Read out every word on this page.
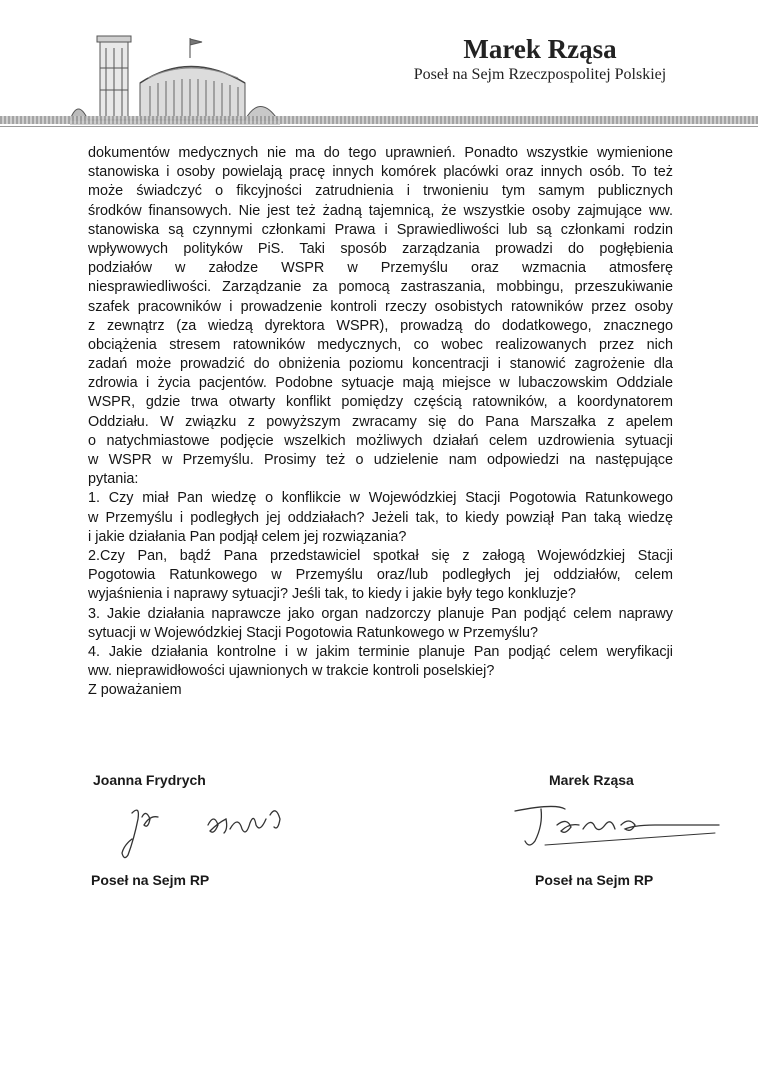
Marek Rząsa
Poseł na Sejm Rzeczpospolitej Polskiej
dokumentów medycznych nie ma do tego uprawnień. Ponadto wszystkie wymienione
stanowiska i osoby powielają pracę innych komórek placówki oraz innych osób. To też
może świadczyć o fikcyjności zatrudnienia i trwonieniu tym samym publicznych
środków finansowych. Nie jest też żadną tajemnicą, że wszystkie osoby zajmujące ww.
stanowiska są czynnymi członkami Prawa i Sprawiedliwości lub są członkami rodzin
wpływowych polityków PiS. Taki sposób zarządzania prowadzi do pogłębienia
podziałów w załodze WSPR w Przemyślu oraz wzmacnia atmosferę
niesprawiedliwości. Zarządzanie za pomocą zastraszania, mobbingu, przeszukiwanie
szafek pracowników i prowadzenie kontroli rzeczy osobistych ratowników przez osoby
z zewnątrz (za wiedzą dyrektora WSPR), prowadzą do dodatkowego, znacznego
obciążenia stresem ratowników medycznych, co wobec realizowanych przez nich
zadań może prowadzić do obniżenia poziomu koncentracji i stanowić zagrożenie dla
zdrowia i życia pacjentów. Podobne sytuacje mają miejsce w lubaczowskim Oddziale
WSPR, gdzie trwa otwarty konflikt pomiędzy częścią ratowników, a koordynatorem
Oddziału. W związku z powyższym zwracamy się do Pana Marszałka z apelem
o natychmiastowe podjęcie wszelkich możliwych działań celem uzdrowienia sytuacji
w WSPR w Przemyślu. Prosimy też o udzielenie nam odpowiedzi na następujące
pytania:
1. Czy miał Pan wiedzę o konflikcie w Wojewódzkiej Stacji Pogotowia Ratunkowego
w Przemyślu i podległych jej oddziałach? Jeżeli tak, to kiedy powziął Pan taką wiedzę
i jakie działania Pan podjął celem jej rozwiązania?
2.Czy Pan, bądź Pana przedstawiciel spotkał się z załogą Wojewódzkiej Stacji
Pogotowia Ratunkowego w Przemyślu oraz/lub podległych jej oddziałów, celem
wyjaśnienia i naprawy sytuacji? Jeśli tak, to kiedy i jakie były tego konkluzje?
3. Jakie działania naprawcze jako organ nadzorczy planuje Pan podjąć celem naprawy
sytuacji w Wojewódzkiej Stacji Pogotowia Ratunkowego w Przemyślu?
4. Jakie działania kontrolne i w jakim terminie planuje Pan podjąć celem weryfikacji
ww. nieprawidłowości ujawnionych w trakcie kontroli poselskiej?
Z poważaniem
Joanna Frydrych
Poseł na Sejm RP
Marek Rząsa
Poseł na Sejm RP
